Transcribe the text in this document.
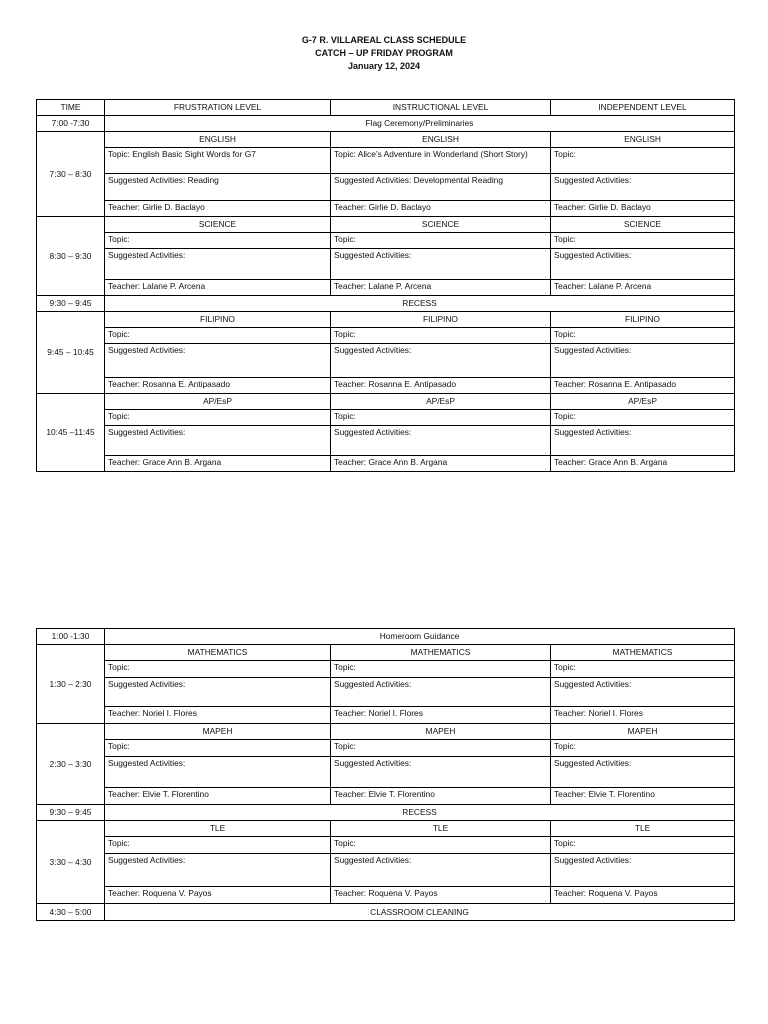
G-7 R. VILLAREAL CLASS SCHEDULE
CATCH – UP FRIDAY PROGRAM
January 12, 2024
TIME	FRUSTRATION LEVEL	INSTRUCTIONAL LEVEL	INDEPENDENT LEVEL
7:00 -7:30	Flag Ceremony/Preliminaries		
7:30 – 8:30	ENGLISH	ENGLISH	ENGLISH
	Topic: English Basic Sight Words for G7	Topic: Alice’s Adventure in Wonderland (Short Story)	Topic:
	Suggested Activities: Reading	Suggested Activities: Developmental Reading	Suggested Activities:
	Teacher: Girlie D. Baclayo	Teacher: Girlie D. Baclayo	Teacher: Girlie D. Baclayo
8:30 – 9:30	SCIENCE	SCIENCE	SCIENCE
	Topic:	Topic:	Topic:
	Suggested Activities:	Suggested Activities:	Suggested Activities:
	Teacher: Lalane P. Arcena	Teacher: Lalane P. Arcena	Teacher: Lalane P. Arcena
9:30 – 9:45	RECESS		
9:45 – 10:45	FILIPINO	FILIPINO	FILIPINO
	Topic:	Topic:	Topic:
	Suggested Activities:	Suggested Activities:	Suggested Activities:
	Teacher: Rosanna E. Antipasado	Teacher: Rosanna E. Antipasado	Teacher: Rosanna E. Antipasado
10:45 –11:45	AP/EsP	AP/EsP	AP/EsP
	Topic:	Topic:	Topic:
	Suggested Activities:	Suggested Activities:	Suggested Activities:
	Teacher: Grace Ann B. Argana	Teacher: Grace Ann B. Argana	Teacher: Grace Ann B. Argana
1:00 -1:30	Homeroom Guidance		
1:30 – 2:30	MATHEMATICS	MATHEMATICS	MATHEMATICS
	Topic:	Topic:	Topic:
	Suggested Activities:	Suggested Activities:	Suggested Activities:
	Teacher: Noriel I. Flores	Teacher: Noriel I. Flores	Teacher: Noriel I. Flores
2:30 – 3:30	MAPEH	MAPEH	MAPEH
	Topic:	Topic:	Topic:
	Suggested Activities:	Suggested Activities:	Suggested Activities:
	Teacher: Elvie T. Florentino	Teacher: Elvie T. Florentino	Teacher: Elvie T. Florentino
9:30 – 9:45	RECESS		
3:30 – 4:30	TLE	TLE	TLE
	Topic:	Topic:	Topic:
	Suggested Activities:	Suggested Activities:	Suggested Activities:
	Teacher: Roquena V. Payos	Teacher: Roquena V. Payos	Teacher: Roquena V. Payos
4:30 – 5:00	CLASSROOM CLEANING		
